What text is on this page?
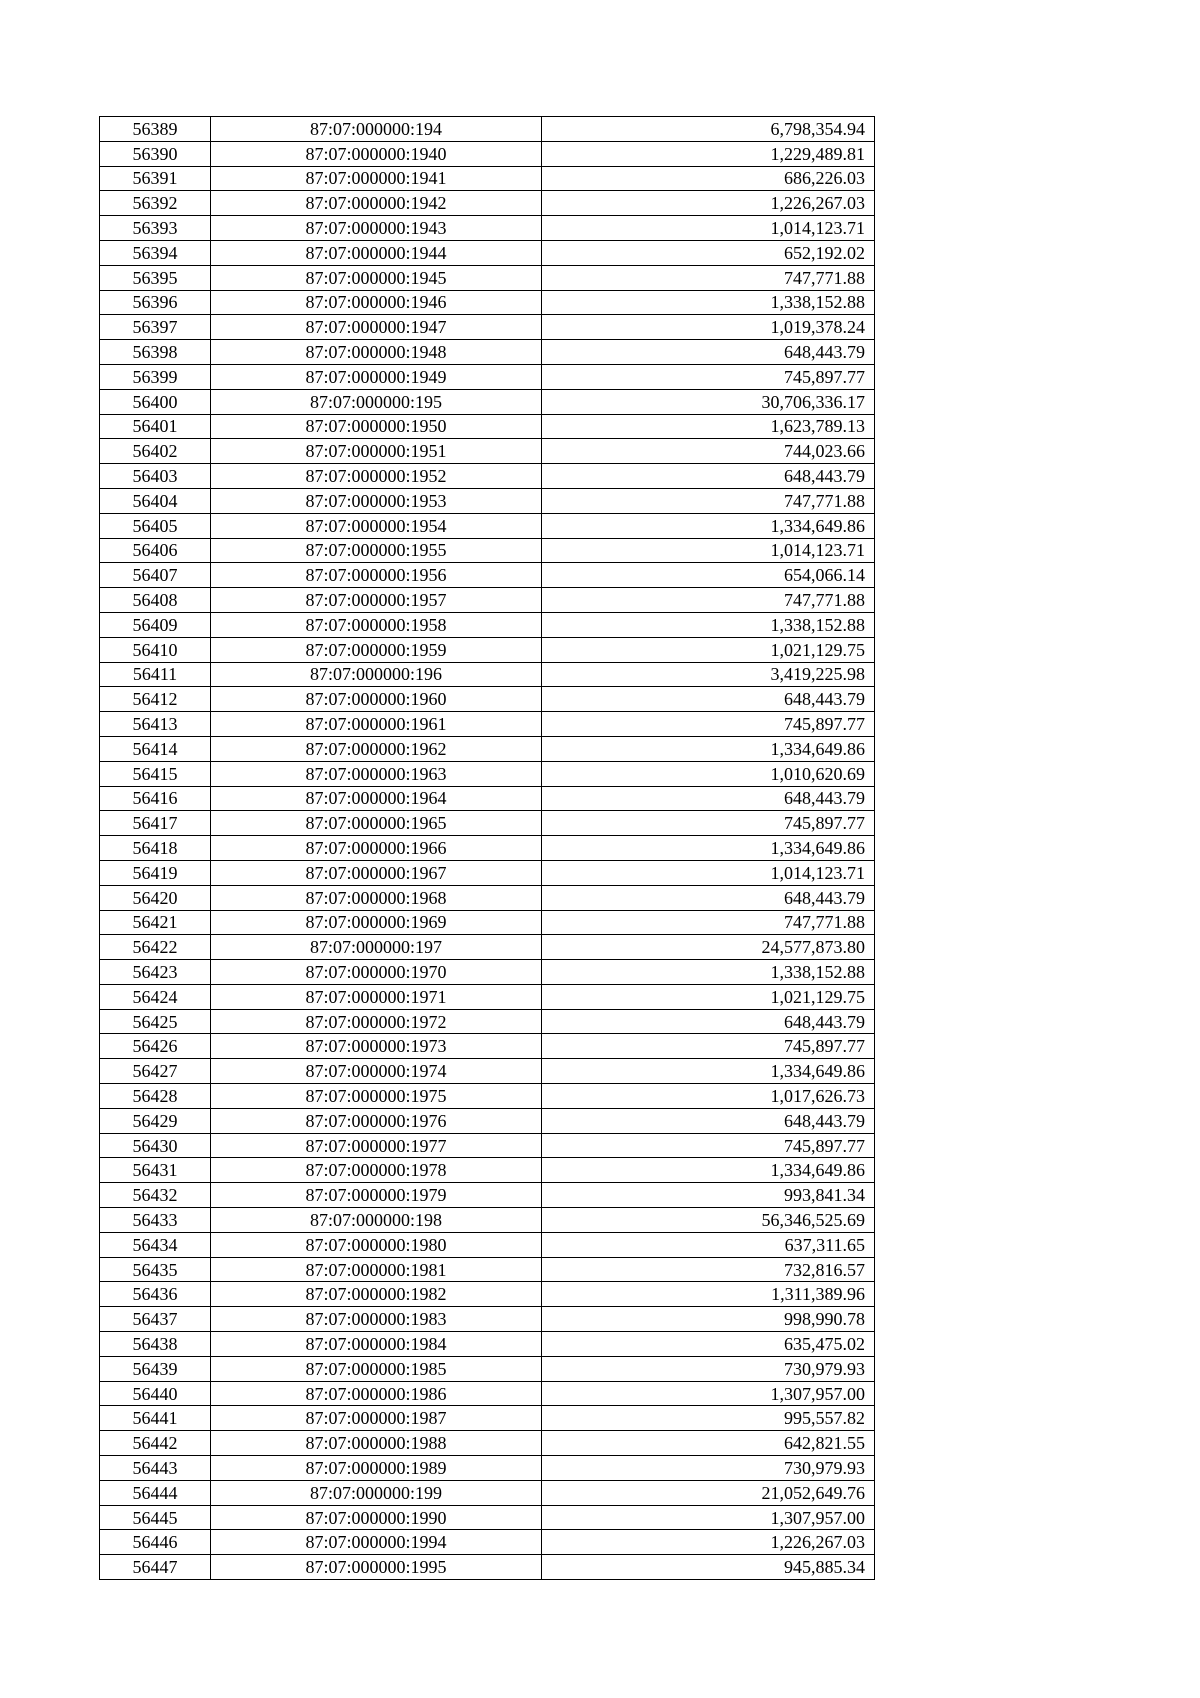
56389	87:07:000000:194	6,798,354.94
56390	87:07:000000:1940	1,229,489.81
56391	87:07:000000:1941	686,226.03
56392	87:07:000000:1942	1,226,267.03
56393	87:07:000000:1943	1,014,123.71
56394	87:07:000000:1944	652,192.02
56395	87:07:000000:1945	747,771.88
56396	87:07:000000:1946	1,338,152.88
56397	87:07:000000:1947	1,019,378.24
56398	87:07:000000:1948	648,443.79
56399	87:07:000000:1949	745,897.77
56400	87:07:000000:195	30,706,336.17
56401	87:07:000000:1950	1,623,789.13
56402	87:07:000000:1951	744,023.66
56403	87:07:000000:1952	648,443.79
56404	87:07:000000:1953	747,771.88
56405	87:07:000000:1954	1,334,649.86
56406	87:07:000000:1955	1,014,123.71
56407	87:07:000000:1956	654,066.14
56408	87:07:000000:1957	747,771.88
56409	87:07:000000:1958	1,338,152.88
56410	87:07:000000:1959	1,021,129.75
56411	87:07:000000:196	3,419,225.98
56412	87:07:000000:1960	648,443.79
56413	87:07:000000:1961	745,897.77
56414	87:07:000000:1962	1,334,649.86
56415	87:07:000000:1963	1,010,620.69
56416	87:07:000000:1964	648,443.79
56417	87:07:000000:1965	745,897.77
56418	87:07:000000:1966	1,334,649.86
56419	87:07:000000:1967	1,014,123.71
56420	87:07:000000:1968	648,443.79
56421	87:07:000000:1969	747,771.88
56422	87:07:000000:197	24,577,873.80
56423	87:07:000000:1970	1,338,152.88
56424	87:07:000000:1971	1,021,129.75
56425	87:07:000000:1972	648,443.79
56426	87:07:000000:1973	745,897.77
56427	87:07:000000:1974	1,334,649.86
56428	87:07:000000:1975	1,017,626.73
56429	87:07:000000:1976	648,443.79
56430	87:07:000000:1977	745,897.77
56431	87:07:000000:1978	1,334,649.86
56432	87:07:000000:1979	993,841.34
56433	87:07:000000:198	56,346,525.69
56434	87:07:000000:1980	637,311.65
56435	87:07:000000:1981	732,816.57
56436	87:07:000000:1982	1,311,389.96
56437	87:07:000000:1983	998,990.78
56438	87:07:000000:1984	635,475.02
56439	87:07:000000:1985	730,979.93
56440	87:07:000000:1986	1,307,957.00
56441	87:07:000000:1987	995,557.82
56442	87:07:000000:1988	642,821.55
56443	87:07:000000:1989	730,979.93
56444	87:07:000000:199	21,052,649.76
56445	87:07:000000:1990	1,307,957.00
56446	87:07:000000:1994	1,226,267.03
56447	87:07:000000:1995	945,885.34
